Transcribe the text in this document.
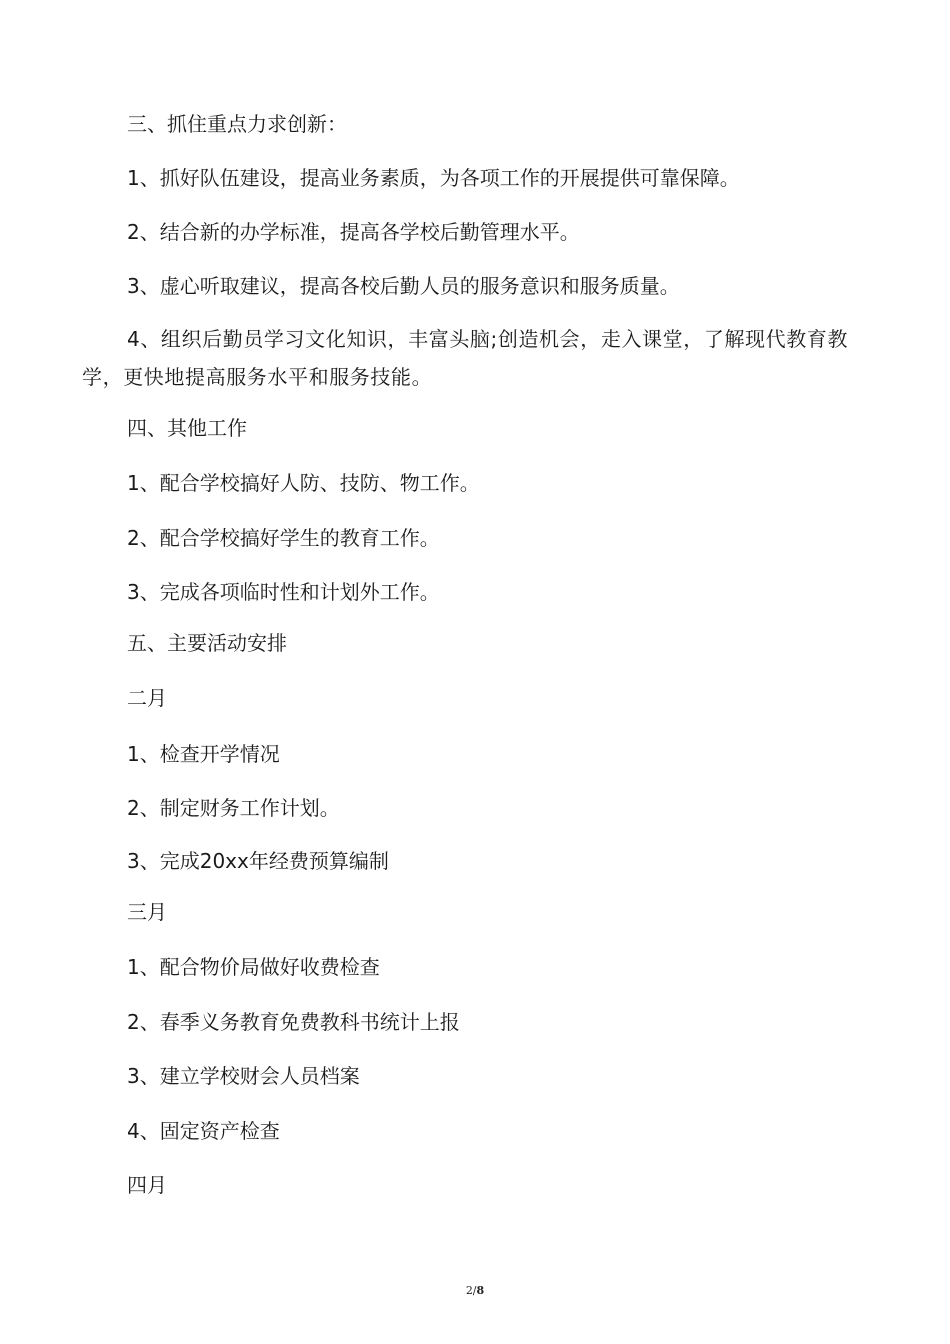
三、抓住重点力求创新：
1、抓好队伍建设，提高业务素质，为各项工作的开展提供可靠保障。
2、结合新的办学标准，提高各学校后勤管理水平。
3、虚心听取建议，提高各校后勤人员的服务意识和服务质量。
4、组织后勤员学习文化知识，丰富头脑;创造机会，走入课堂，了解现代教育教学，更快地提高服务水平和服务技能。
四、其他工作
1、配合学校搞好人防、技防、物工作。
2、配合学校搞好学生的教育工作。
3、完成各项临时性和计划外工作。
五、主要活动安排
二月
1、检查开学情况
2、制定财务工作计划。
3、完成20xx年经费预算编制
三月
1、配合物价局做好收费检查
2、春季义务教育免费教科书统计上报
3、建立学校财会人员档案
4、固定资产检查
四月
2/8
